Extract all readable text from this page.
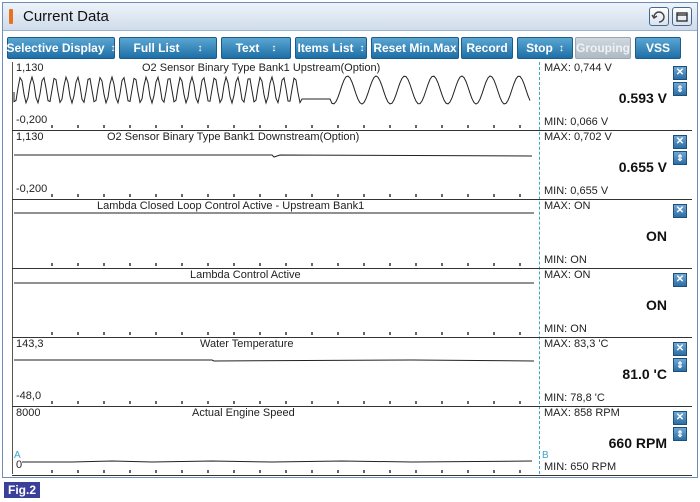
Current Data
Selective Display ↕ Full List ↕	Text ↕ Items List ↕ Reset Min.Max Record Stop ↕ Grouping VSS
1,130	O2 Sensor Binary Type Bank1 Upstream(Option)
-0,200
MAX: 0,744 V
0.593 V
MIN: 0,066 V
✕
⇕
1,130	O2 Sensor Binary Type Bank1 Downstream(Option)
-0,200
MAX: 0,702 V
0.655 V
MIN: 0,655 V
✕
⇕
Lambda Closed Loop Control Active - Upstream Bank1	MAX: ON
ON
MIN: ON
✕
Lambda Control Active	MAX: ON
ON
MIN: ON
✕
143,3	Water Temperature
-48,0
MAX: 83,3 'C
81.0 'C
MIN: 78,8 'C
✕
⇕
8000	Actual Engine Speed
0
MAX: 858 RPM
660 RPM
MIN: 650 RPM
✕
⇕
A	B
Fig.2
